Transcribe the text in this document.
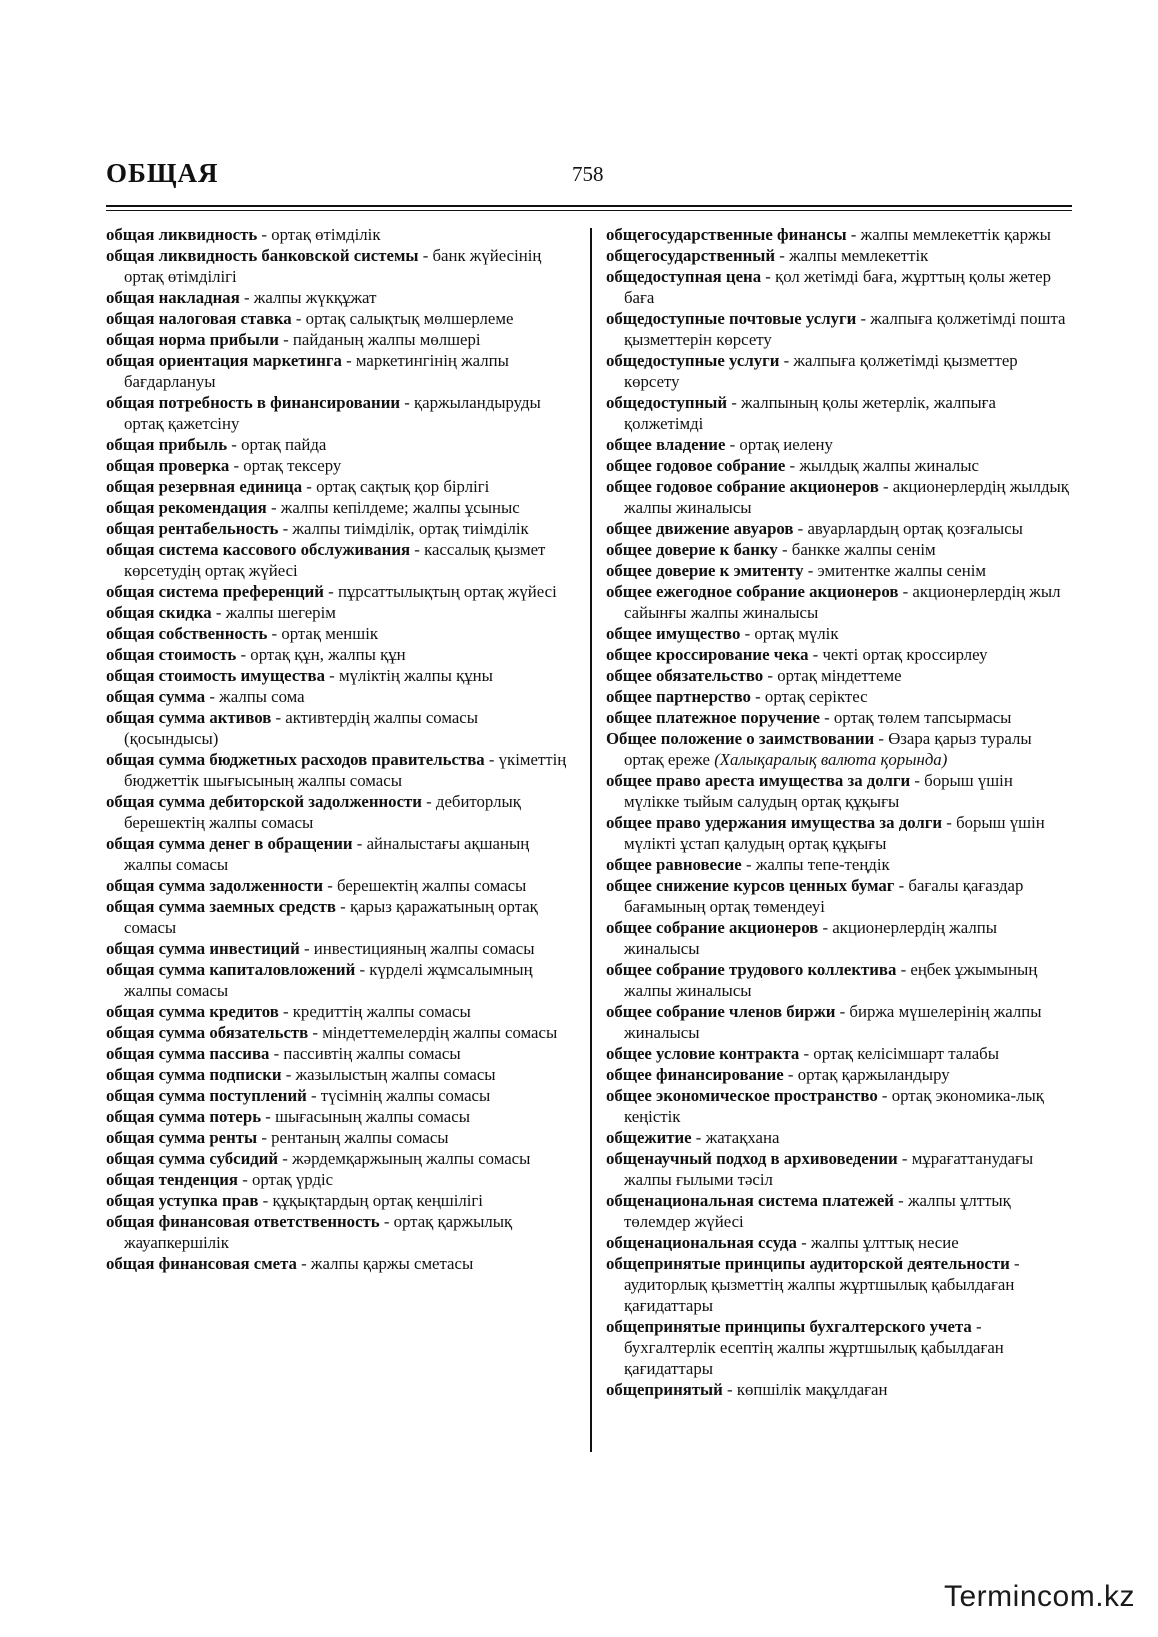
ОБЩАЯ	758

общая ликвидность - ортақ өтімділік

общая ликвидность банковской системы - банк жүйесінің ортақ өтімділігі

общая накладная - жалпы жүкқұжат

общая налоговая ставка - ортақ салықтық мөлшерлеме

общая норма прибыли - пайданың жалпы мөлшері

общая ориентация маркетинга - маркетингінің жалпы бағдарлануы

общая потребность в финансировании - қаржыландыруды ортақ қажетсіну

общая прибыль - ортақ пайда

общая проверка - ортақ тексеру

общая резервная единица - ортақ сақтық қор бірлігі

общая рекомендация - жалпы кепілдеме; жалпы ұсыныс

общая рентабельность - жалпы тиімділік, ортақ тиімділік

общая система кассового обслуживания - кассалық қызмет көрсетудің ортақ жүйесі

общая система преференций - пұрсаттылықтың ортақ жүйесі

общая скидка - жалпы шегерім

общая собственность - ортақ меншік

общая стоимость - ортақ құн, жалпы құн

общая стоимость имущества - мүліктің жалпы құны

общая сумма - жалпы сома

общая сумма активов - активтердің жалпы сомасы (қосындысы)

общая сумма бюджетных расходов правительства - үкіметтің бюджеттік шығысының жалпы сомасы

общая сумма дебиторской задолженности - дебиторлық берешектің жалпы сомасы

общая сумма денег в обращении - айналыстағы ақшаның жалпы сомасы

общая сумма задолженности - берешектің жалпы сомасы

общая сумма заемных средств - қарыз қаражатының ортақ сомасы

общая сумма инвестиций - инвестицияның жалпы сомасы

общая сумма капиталовложений - күрделі жұмсалымның жалпы сомасы

общая сумма кредитов - кредиттің жалпы сомасы

общая сумма обязательств - міндеттемелердің жалпы сомасы

общая сумма пассива - пассивтің жалпы сомасы

общая сумма подписки - жазылыстың жалпы сомасы

общая сумма поступлений - түсімнің жалпы сомасы

общая сумма потерь - шығасының жалпы сомасы

общая сумма ренты - рентаның жалпы сомасы

общая сумма субсидий - жәрдемқаржының жалпы сомасы

общая тенденция - ортақ үрдіс

общая уступка прав - құқықтардың ортақ кеңшілігі

общая финансовая ответственность - ортақ қаржылық жауапкершілік

общая финансовая смета - жалпы қаржы сметасы

общегосударственные финансы - жалпы мемлекеттік қаржы

общегосударственный - жалпы мемлекеттік

общедоступная цена - қол жетімді баға, жұрттың қолы жетер баға

общедоступные почтовые услуги - жалпыға қолжетімді пошта қызметтерін көрсету

общедоступные услуги - жалпыға қолжетімді қызметтер көрсету

общедоступный - жалпының қолы жетерлік, жалпыға қолжетімді

общее владение - ортақ иелену

общее годовое собрание - жылдық жалпы жиналыс

общее годовое собрание акционеров - акционерлердің жылдық жалпы жиналысы

общее движение авуаров - авуарлардың ортақ қозғалысы

общее доверие к банку - банкке жалпы сенім

общее доверие к эмитенту - эмитентке жалпы сенім

общее ежегодное собрание акционеров - акционерлердің жыл сайынғы жалпы жиналысы

общее имущество - ортақ мүлік

общее кроссирование чека - чекті ортақ кроссирлеу

общее обязательство - ортақ міндеттеме

общее партнерство - ортақ серіктес

общее платежное поручение - ортақ төлем тапсырмасы

Общее положение о заимствовании - Өзара қарыз туралы ортақ ереже (Халықаралық валюта қорында)

общее право ареста имущества за долги - борыш үшін мүлікке тыйым салудың ортақ құқығы

общее право удержания имущества за долги - борыш үшін мүлікті ұстап қалудың ортақ құқығы

общее равновесие - жалпы тепе-теңдік

общее снижение курсов ценных бумаг - бағалы қағаздар бағамының ортақ төмендеуі

общее собрание акционеров - акционерлердің жалпы жиналысы

общее собрание трудового коллектива - еңбек ұжымының жалпы жиналысы

общее собрание членов биржи - биржа мүшелерінің жалпы жиналысы

общее условие контракта - ортақ келісімшарт талабы

общее финансирование - ортақ қаржыландыру

общее экономическое пространство - ортақ экономика-лық кеңістік

общежитие - жатақхана

общенаучный подход в архивоведении - мұрағаттанудағы жалпы ғылыми тәсіл

общенациональная система платежей - жалпы ұлттық төлемдер жүйесі

общенациональная ссуда - жалпы ұлттық несие

общепринятые принципы аудиторской деятельности - аудиторлық қызметтің жалпы жұртшылық қабылдаған қағидаттары

общепринятые принципы бухгалтерского учета - бухгалтерлік есептің жалпы жұртшылық қабылдаған қағидаттары

общепринятый - көпшілік мақұлдаған

Termincom.kz
